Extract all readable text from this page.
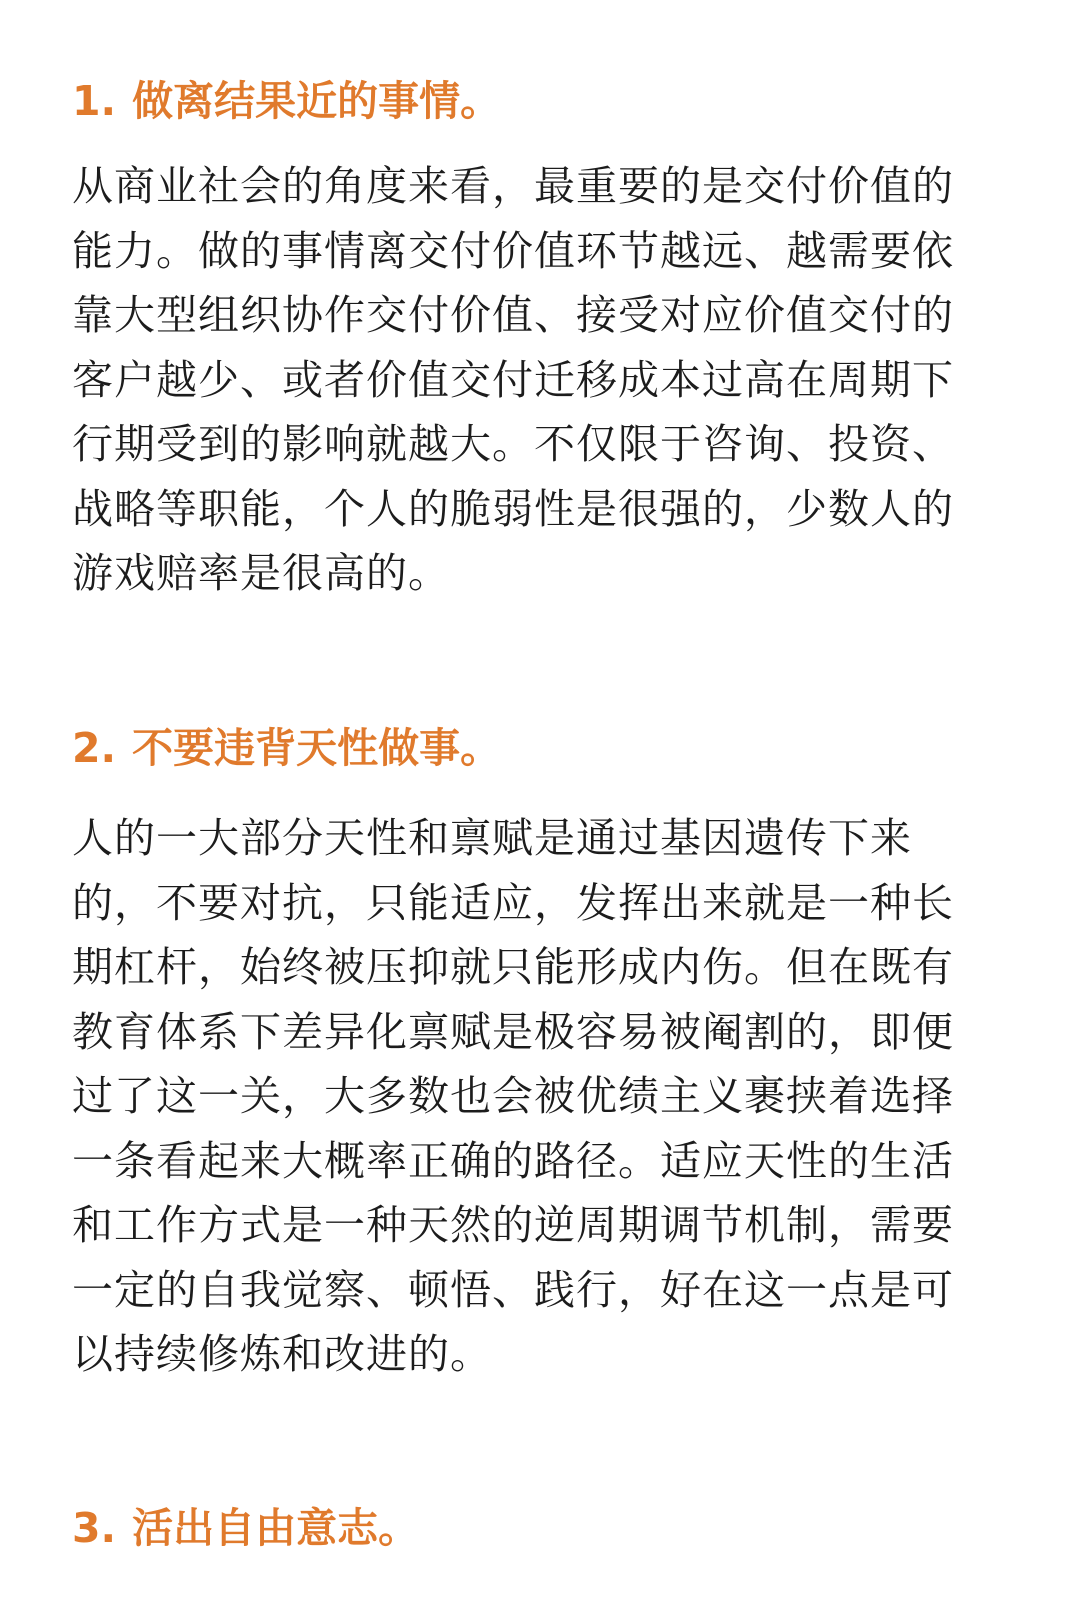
1. 做离结果近的事情。

从商业社会的角度来看，最重要的是交付价值的能力。做的事情离交付价值环节越远、越需要依靠大型组织协作交付价值、接受对应价值交付的客户越少、或者价值交付迁移成本过高在周期下行期受到的影响就越大。不仅限于咨询、投资、战略等职能，个人的脆弱性是很强的，少数人的游戏赔率是很高的。

2. 不要违背天性做事。

人的一大部分天性和禀赋是通过基因遗传下来的，不要对抗，只能适应，发挥出来就是一种长期杠杆，始终被压抑就只能形成内伤。但在既有教育体系下差异化禀赋是极容易被阉割的，即便过了这一关，大多数也会被优绩主义裹挟着选择一条看起来大概率正确的路径。适应天性的生活和工作方式是一种天然的逆周期调节机制，需要一定的自我觉察、顿悟、践行，好在这一点是可以持续修炼和改进的。

3. 活出自由意志。
